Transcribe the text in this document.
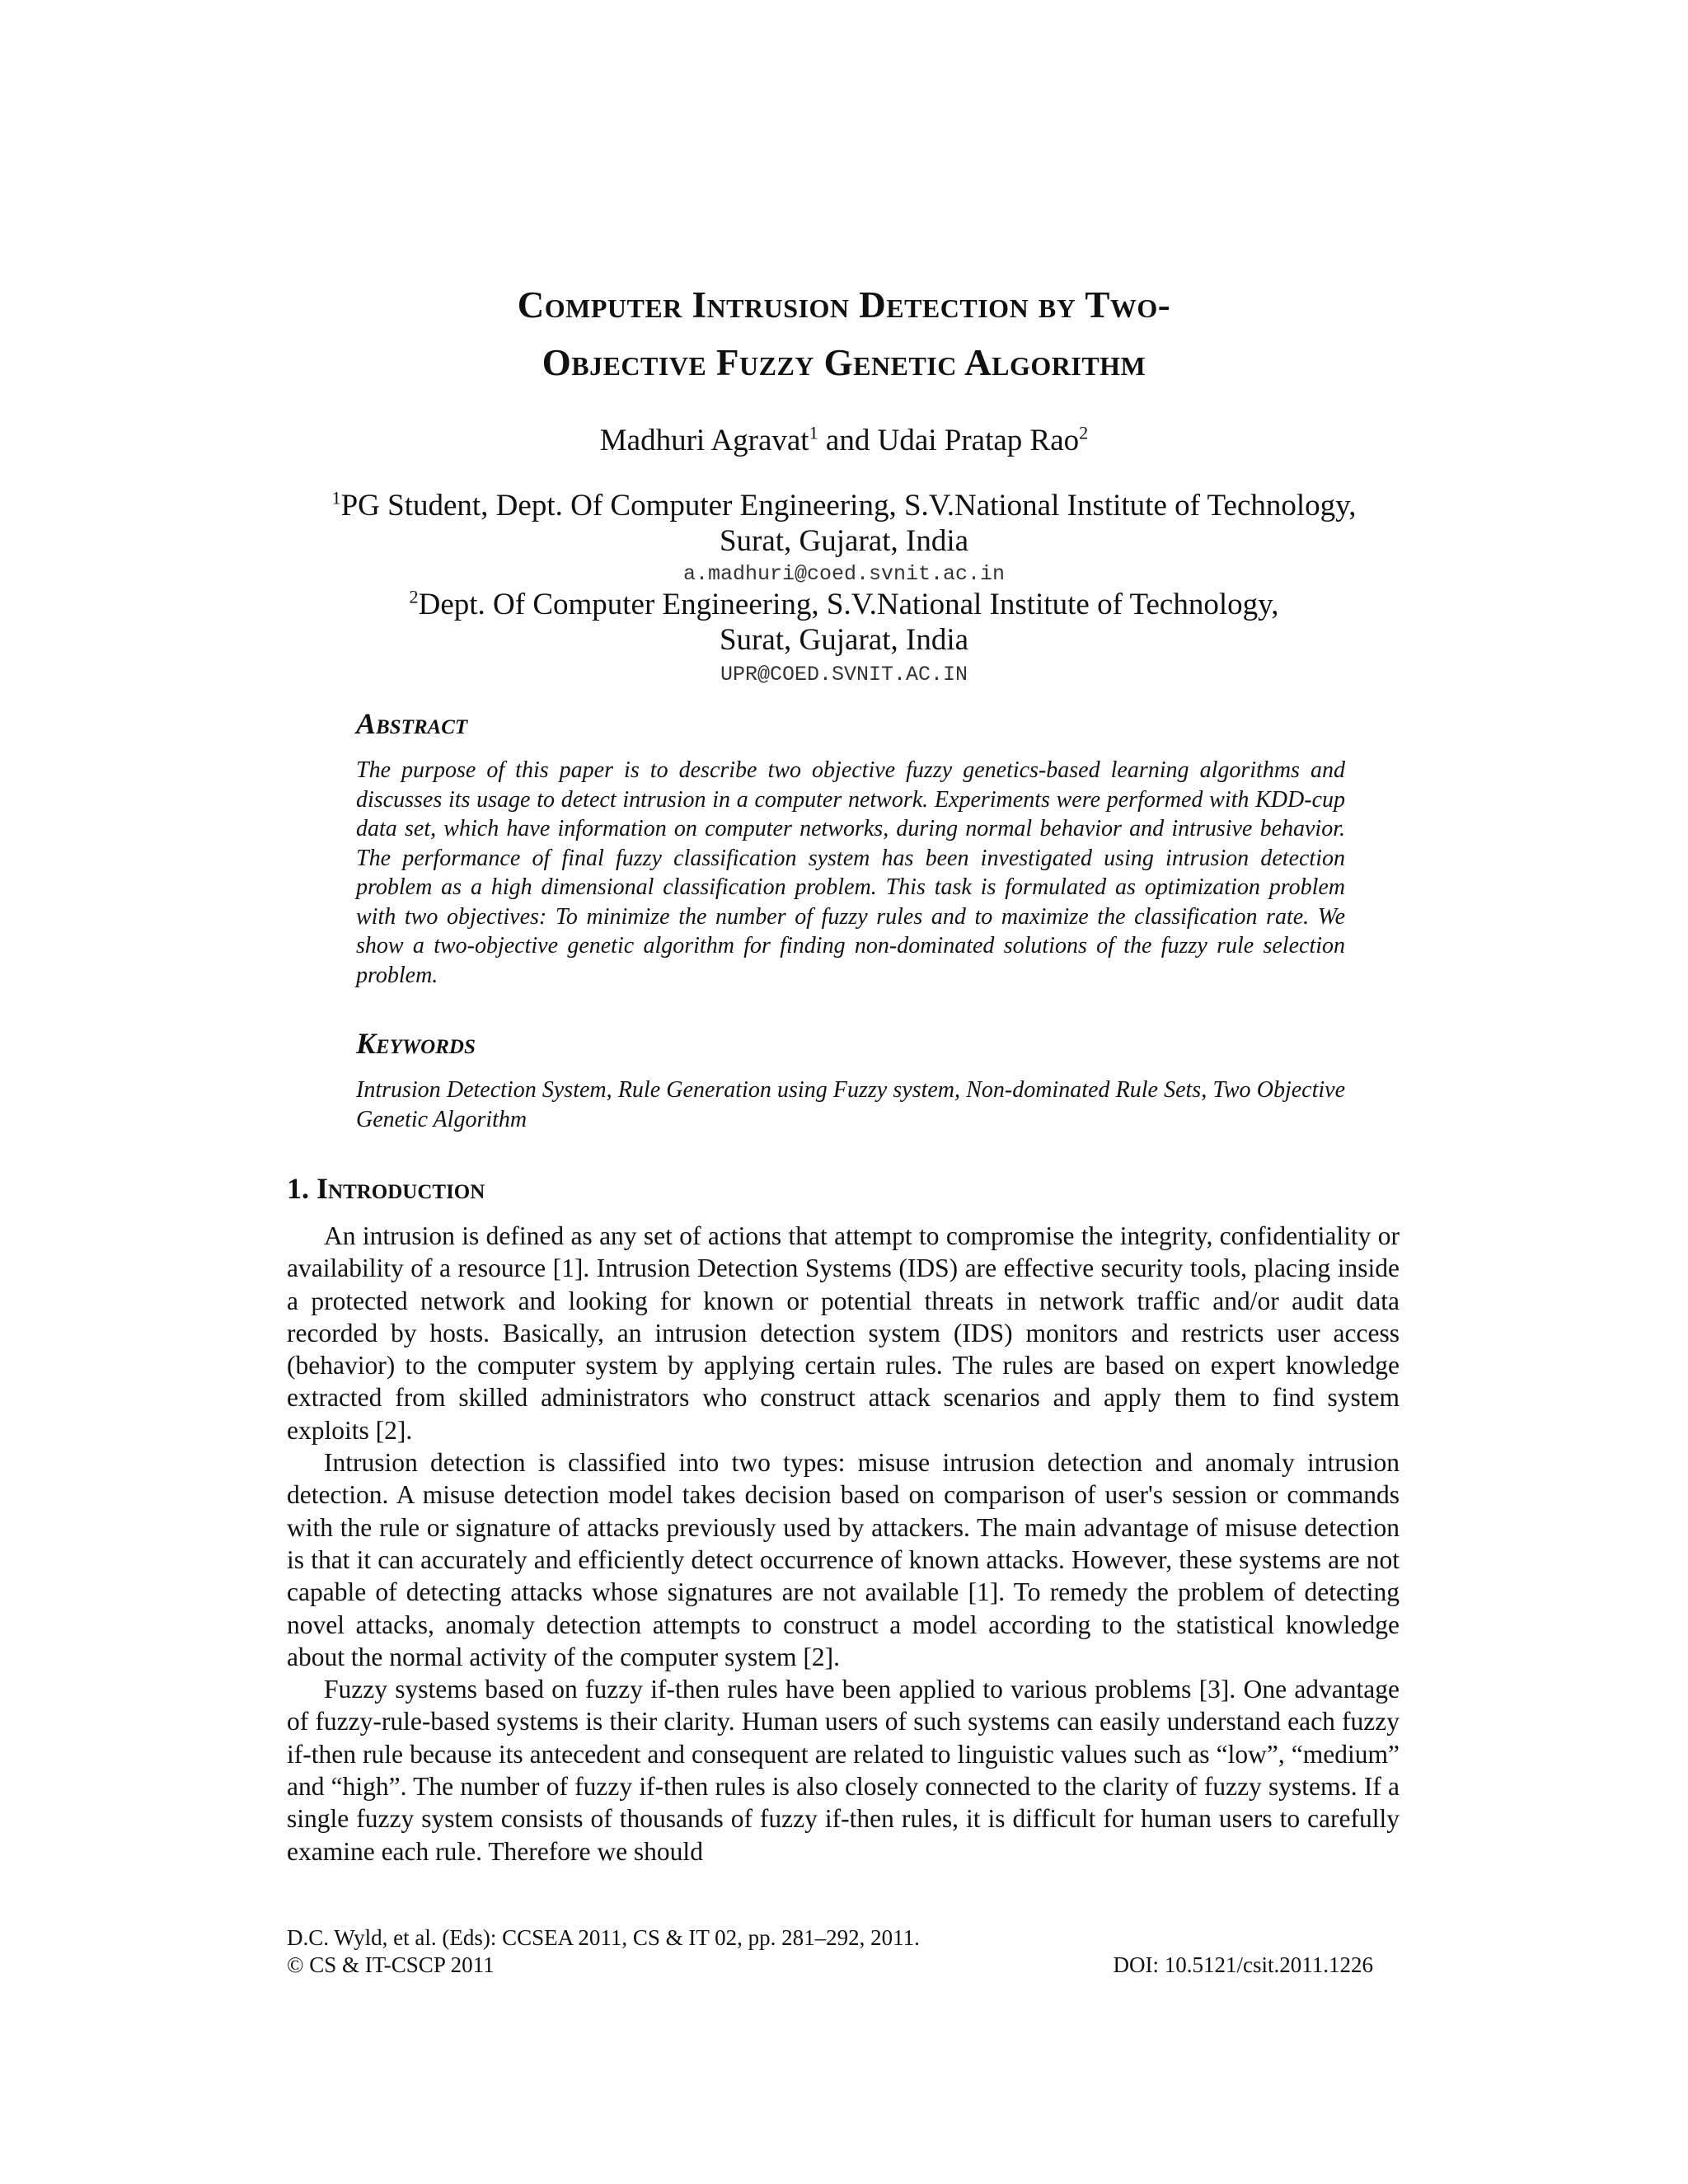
Computer Intrusion Detection by Two-
Objective Fuzzy Genetic Algorithm
Madhuri Agravat$^1$ and Udai Pratap Rao$^2$
$^1$PG Student, Dept. Of Computer Engineering, S.V.National Institute of Technology,
Surat, Gujarat, India
a.madhuri@coed.svnit.ac.in
$^2$Dept. Of Computer Engineering, S.V.National Institute of Technology,
Surat, Gujarat, India
UPR@COED.SVNIT.AC.IN
Abstract
The purpose of this paper is to describe two objective fuzzy genetics-based learning algorithms and discusses its usage to detect intrusion in a computer network. Experiments were performed with KDD-cup data set, which have information on computer networks, during normal behavior and intrusive behavior. The performance of final fuzzy classification system has been investigated using intrusion detection problem as a high dimensional classification problem. This task is formulated as optimization problem with two objectives: To minimize the number of fuzzy rules and to maximize the classification rate. We show a two-objective genetic algorithm for finding non-dominated solutions of the fuzzy rule selection problem.
Keywords
Intrusion Detection System, Rule Generation using Fuzzy system, Non-dominated Rule Sets, Two Objective Genetic Algorithm
1. Introduction

An intrusion is defined as any set of actions that attempt to compromise the integrity, confidentiality or availability of a resource [1]. Intrusion Detection Systems (IDS) are effective security tools, placing inside a protected network and looking for known or potential threats in network traffic and/or audit data recorded by hosts. Basically, an intrusion detection system (IDS) monitors and restricts user access (behavior) to the computer system by applying certain rules. The rules are based on expert knowledge extracted from skilled administrators who construct attack scenarios and apply them to find system exploits [2].

Intrusion detection is classified into two types: misuse intrusion detection and anomaly intrusion detection. A misuse detection model takes decision based on comparison of user's session or commands with the rule or signature of attacks previously used by attackers. The main advantage of misuse detection is that it can accurately and efficiently detect occurrence of known attacks. However, these systems are not capable of detecting attacks whose signatures are not available [1]. To remedy the problem of detecting novel attacks, anomaly detection attempts to construct a model according to the statistical knowledge about the normal activity of the computer system [2].

Fuzzy systems based on fuzzy if-then rules have been applied to various problems [3]. One advantage of fuzzy-rule-based systems is their clarity. Human users of such systems can easily understand each fuzzy if-then rule because its antecedent and consequent are related to linguistic values such as “low”, “medium” and “high”. The number of fuzzy if-then rules is also closely connected to the clarity of fuzzy systems. If a single fuzzy system consists of thousands of fuzzy if-then rules, it is difficult for human users to carefully examine each rule. Therefore we should

D.C. Wyld, et al. (Eds): CCSEA 2011, CS & IT 02, pp. 281–292, 2011.
© CS & IT-CSCP 2011	DOI: 10.5121/csit.2011.1226
